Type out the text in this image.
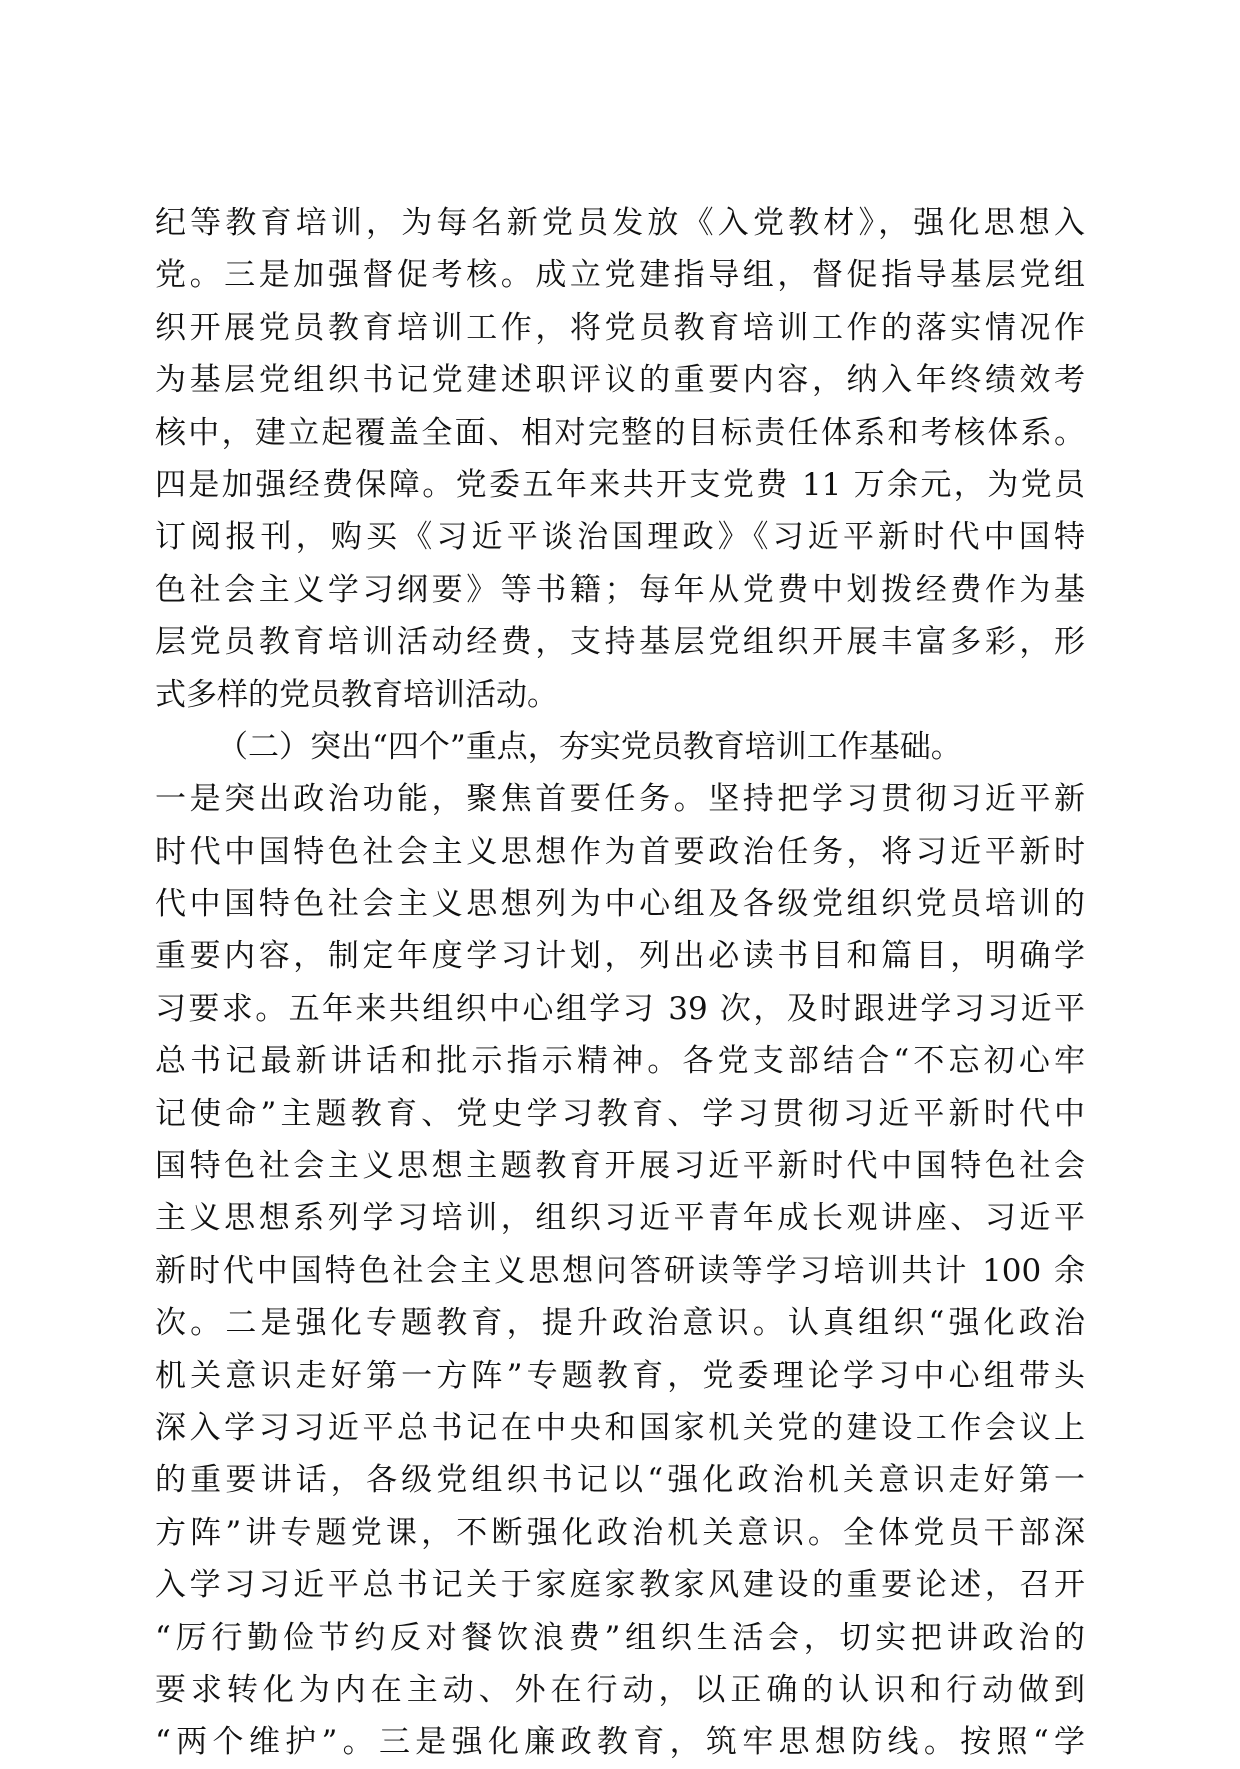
纪等教育培训，为每名新党员发放《入党教材》，强化思想入
党。三是加强督促考核。成立党建指导组，督促指导基层党组
织开展党员教育培训工作，将党员教育培训工作的落实情况作
为基层党组织书记党建述职评议的重要内容，纳入年终绩效考
核中，建立起覆盖全面、相对完整的目标责任体系和考核体系。
四是加强经费保障。党委五年来共开支党费 11 万余元，为党员
订阅报刊，购买《习近平谈治国理政》《习近平新时代中国特
色社会主义学习纲要》等书籍；每年从党费中划拨经费作为基
层党员教育培训活动经费，支持基层党组织开展丰富多彩，形
式多样的党员教育培训活动。
（二）突出“四个”重点，夯实党员教育培训工作基础。
一是突出政治功能，聚焦首要任务。坚持把学习贯彻习近平新
时代中国特色社会主义思想作为首要政治任务，将习近平新时
代中国特色社会主义思想列为中心组及各级党组织党员培训的
重要内容，制定年度学习计划，列出必读书目和篇目，明确学
习要求。五年来共组织中心组学习 39 次，及时跟进学习习近平
总书记最新讲话和批示指示精神。各党支部结合“不忘初心牢
记使命”主题教育、党史学习教育、学习贯彻习近平新时代中
国特色社会主义思想主题教育开展习近平新时代中国特色社会
主义思想系列学习培训，组织习近平青年成长观讲座、习近平
新时代中国特色社会主义思想问答研读等学习培训共计 100 余
次。二是强化专题教育，提升政治意识。认真组织“强化政治
机关意识走好第一方阵”专题教育，党委理论学习中心组带头
深入学习习近平总书记在中央和国家机关党的建设工作会议上
的重要讲话，各级党组织书记以“强化政治机关意识走好第一
方阵”讲专题党课，不断强化政治机关意识。全体党员干部深
入学习习近平总书记关于家庭家教家风建设的重要论述，召开
“厉行勤俭节约反对餐饮浪费”组织生活会，切实把讲政治的
要求转化为内在主动、外在行动，以正确的认识和行动做到
“两个维护”。三是强化廉政教育，筑牢思想防线。按照“学
